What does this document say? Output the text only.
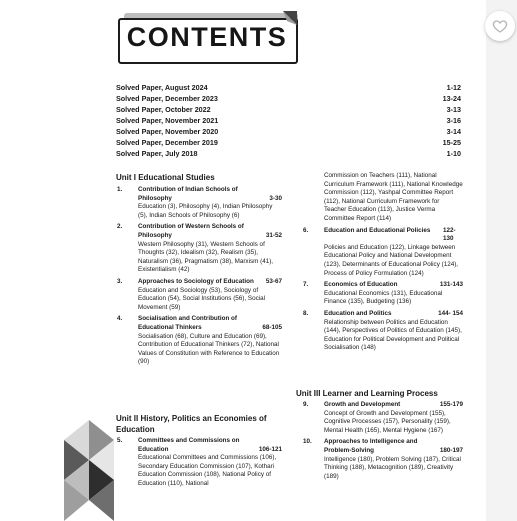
CONTENTS
Solved Paper, August 2024	1-12
Solved Paper, December 2023	13-24
Solved Paper, October 2022	3-13
Solved Paper, November 2021	3-16
Solved Paper, November 2020	3-14
Solved Paper, December 2019	15-25
Solved Paper, July 2018	1-10
Unit I Educational Studies
1.	Contribution of Indian Schools of Philosophy	3-30
Education (3), Philosophy (4), Indian Philosophy (5), Indian Schools of Philosophy (6)
2.	Contribution of Western Schools of Philosophy	31-52
Western Philosophy (31), Western Schools of Thoughts (32), Idealism (32), Realism (35), Naturalism (36), Pragmatism (38), Marxism (41), Existentialism (42)
3.	Approaches to Sociology of Education	53-67
Education and Sociology (53), Sociology of Education (54), Social Institutions (56), Social Movement (59)
4.	Socialisation and Contribution of Educational Thinkers	68-105
Socialisation (68), Culture and Education (69), Contribution of Educational Thinkers (72), National Values of Constitution with Reference to Education (90)
Unit II History, Politics an Economies of Education
5.	Committees and Commissions on Education	106-121
Educational Committees and Commissions (106), Secondary Education Commission (107), Kothari Education Commission (108), National Policy of Education (110), National
Commission on Teachers (111), National Curriculum Framework (111), National Knowledge Commission (112), Yashpal Committee Report (112), National Curriculum Framework for Teacher Education (113), Justice Verma Committee Report (114)
6.	Education and Educational Policies	122-130
Policies and Education (122), Linkage between Educational Policy and National Development (123), Determinants of Educational Policy (124), Process of Policy Formulation (124)
7.	Economics of Education	131-143
Educational Economics (131), Educational Finance (135), Budgeting (136)
8.	Education and Politics	144- 154
Relationship between Politics and Education (144), Perspectives of Politics of Education (145), Education for Political Development and Political Socialisation (148)
Unit III Learner and Learning Process
9.	Growth and Development	155-179
Concept of Growth and Development (155), Cognitive Processes (157), Personality (159), Mental Health (165), Mental Hygiene (167)
10.	Approaches to Intelligence and Problem-Solving	180-197
Intelligence (180), Problem Solving (187), Critical Thinking (188), Metacognition (189), Creativity (189)
